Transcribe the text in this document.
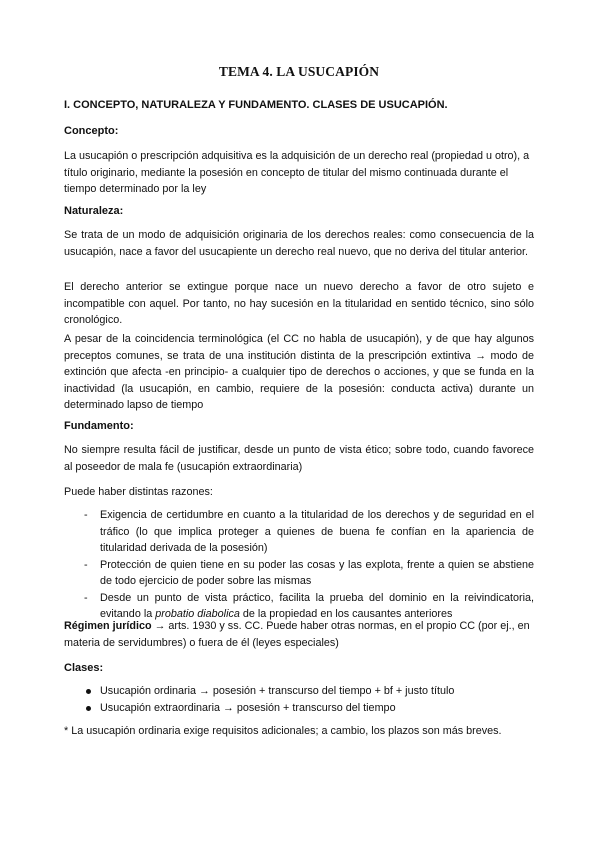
TEMA 4. LA USUCAPIÓN
I. CONCEPTO, NATURALEZA Y FUNDAMENTO. CLASES DE USUCAPIÓN.
Concepto:
La usucapión o prescripción adquisitiva es la adquisición de un derecho real (propiedad u otro), a título originario, mediante la posesión en concepto de titular del mismo continuada durante el tiempo determinado por la ley
Naturaleza:
Se trata de un modo de adquisición originaria de los derechos reales: como consecuencia de la usucapión, nace a favor del usucapiente un derecho real nuevo, que no deriva del titular anterior.
El derecho anterior se extingue porque nace un nuevo derecho a favor de otro sujeto e incompatible con aquel. Por tanto, no hay sucesión en la titularidad en sentido técnico, sino sólo cronológico.
A pesar de la coincidencia terminológica (el CC no habla de usucapión), y de que hay algunos preceptos comunes, se trata de una institución distinta de la prescripción extintiva → modo de extinción que afecta -en principio- a cualquier tipo de derechos o acciones, y que se funda en la inactividad (la usucapión, en cambio, requiere de la posesión: conducta activa) durante un determinado lapso de tiempo
Fundamento:
No siempre resulta fácil de justificar, desde un punto de vista ético; sobre todo, cuando favorece al poseedor de mala fe (usucapión extraordinaria)
Puede haber distintas razones:
- Exigencia de certidumbre en cuanto a la titularidad de los derechos y de seguridad en el tráfico (lo que implica proteger a quienes de buena fe confían en la apariencia de titularidad derivada de la posesión)
- Protección de quien tiene en su poder las cosas y las explota, frente a quien se abstiene de todo ejercicio de poder sobre las mismas
- Desde un punto de vista práctico, facilita la prueba del dominio en la reivindicatoria, evitando la probatio diabolica de la propiedad en los causantes anteriores
Régimen jurídico → arts. 1930 y ss. CC. Puede haber otras normas, en el propio CC (por ej., en materia de servidumbres) o fuera de él (leyes especiales)
Clases:
Usucapión ordinaria → posesión + transcurso del tiempo + bf + justo título
Usucapión extraordinaria → posesión + transcurso del tiempo
* La usucapión ordinaria exige requisitos adicionales; a cambio, los plazos son más breves.
